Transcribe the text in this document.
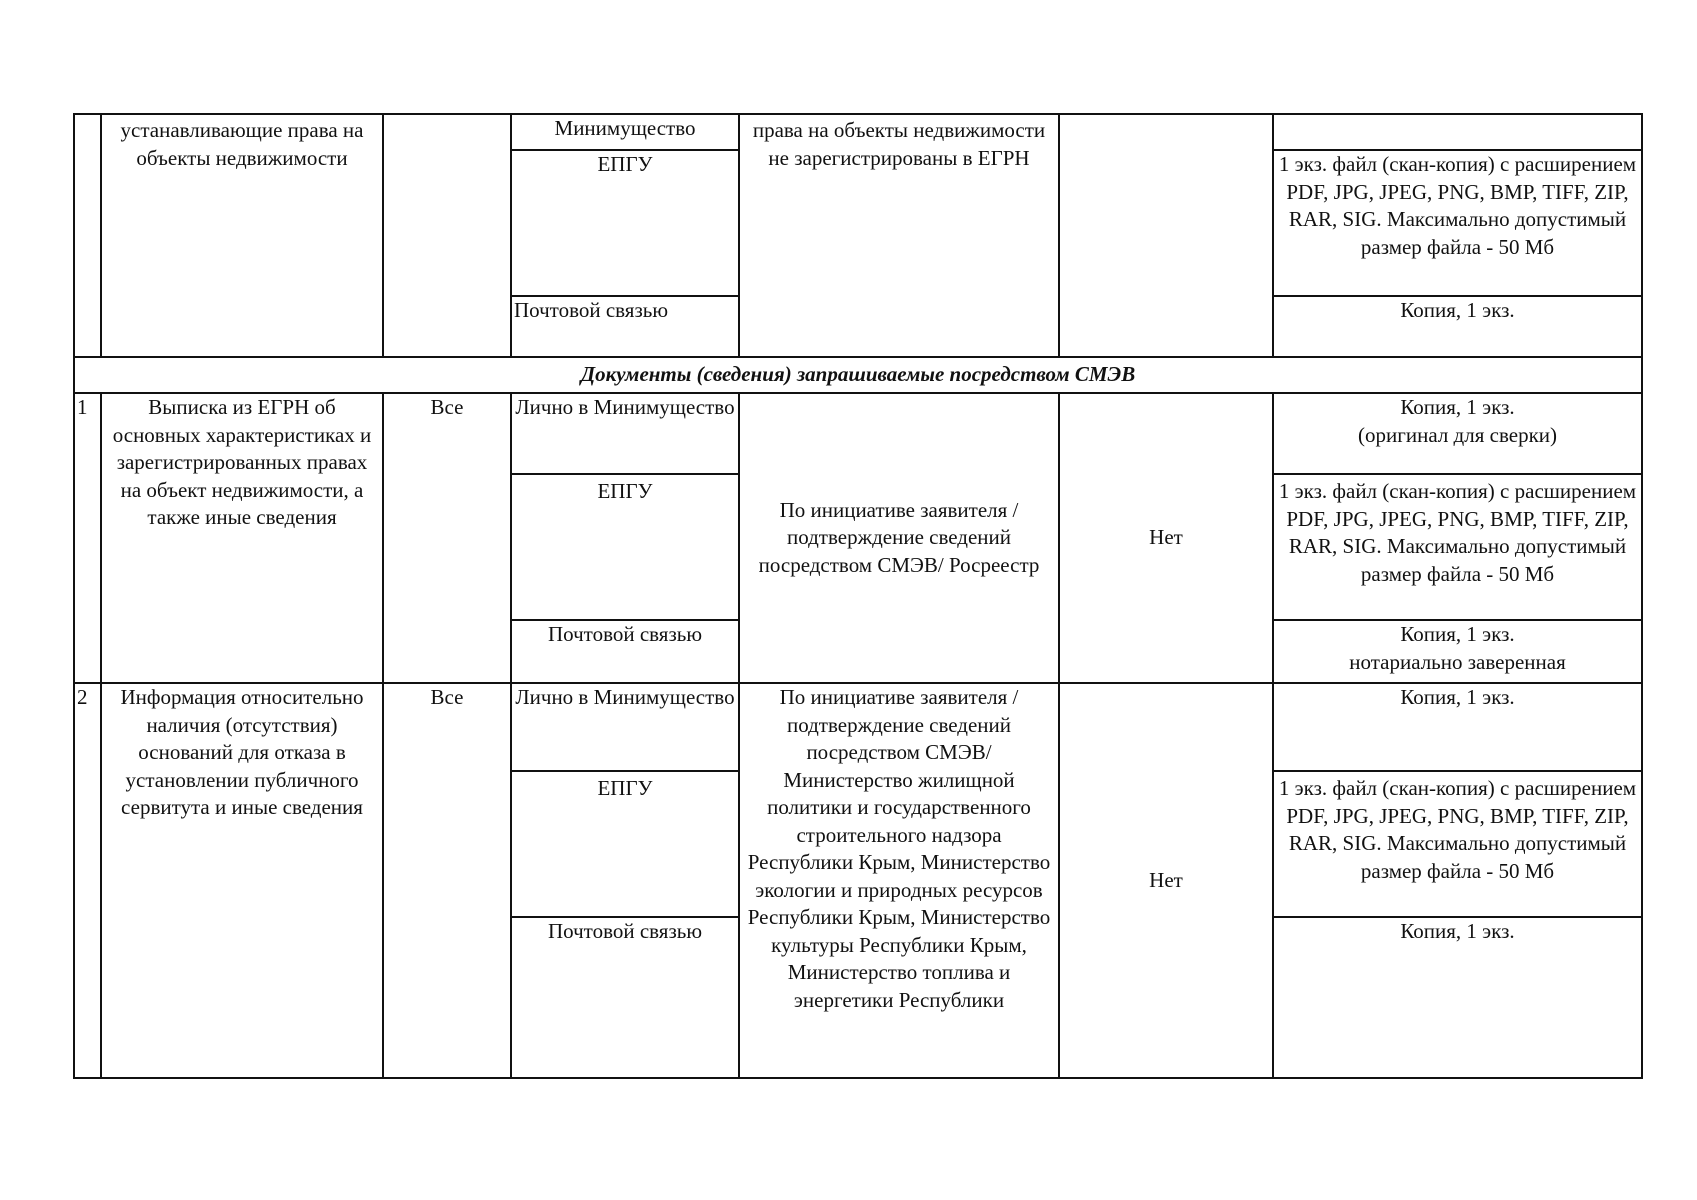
	устанавливающие права на объекты недвижимости		Минимущество	права на объекты недвижимости не зарегистрированы в ЕГРН		

			ЕПГУ			1 экз. файл (скан-копия) с расширением PDF, JPG, JPEG, PNG, BMP, TIFF, ZIP, RAR, SIG. Максимально допустимый размер файла - 50 Мб

			Почтовой связью			Копия, 1 экз.
Документы (сведения) запрашиваемые посредством СМЭВ						
1	Выписка из ЕГРН об основных характеристиках и зарегистрированных правах на объект недвижимости, а также иные сведения	Все	Лично в Минимущество	По инициативе заявителя / подтверждение сведений посредством СМЭВ/ Росреестр	Нет	Копия, 1 экз.
(оригинал для сверки)

			ЕПГУ			1 экз. файл (скан-копия) с расширением PDF, JPG, JPEG, PNG, BMP, TIFF, ZIP, RAR, SIG. Максимально допустимый размер файла - 50 Мб

			Почтовой связью			Копия, 1 экз.
нотариально заверенная

2	Информация относительно наличия (отсутствия) оснований для отказа в установлении публичного сервитута и иные сведения	Все	Лично в Минимущество	По инициативе заявителя / подтверждение сведений посредством СМЭВ/ Министерство жилищной политики и государственного строительного надзора Республики Крым, Министерство экологии и природных ресурсов Республики Крым, Министерство культуры Республики Крым, Министерство топлива и энергетики Республики	Нет	Копия, 1 экз.
			ЕПГУ			1 экз. файл (скан-копия) с расширением PDF, JPG, JPEG, PNG, BMP, TIFF, ZIP, RAR, SIG. Максимально допустимый размер файла - 50 Мб

			Почтовой связью			Копия, 1 экз.
